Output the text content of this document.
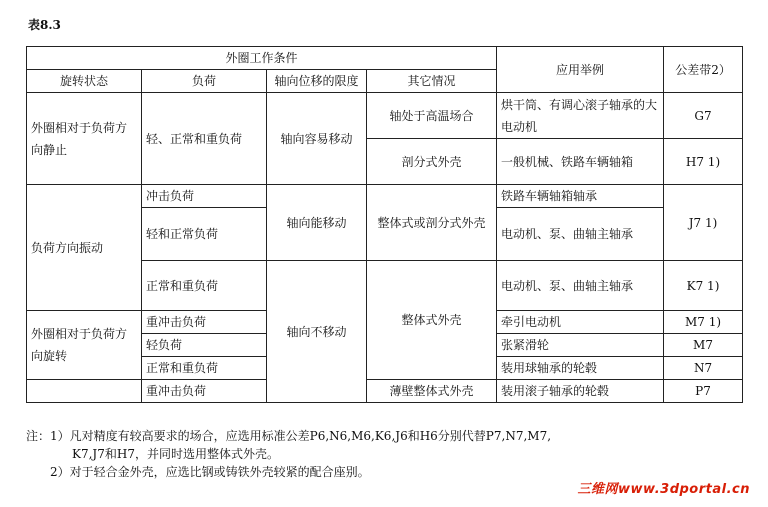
表8.3
外圈工作条件				应用举例	公差带2）
旋转状态	负荷	轴向位移的限度	其它情况		
外圈相对于负荷方向静止	轻、正常和重负荷	轴向容易移动	轴处于高温场合	烘干筒、有调心滚子轴承的大电动机	G7
			剖分式外壳	一般机械、铁路车辆轴箱	H7 1)
负荷方向振动	冲击负荷	轴向能移动	整体式或剖分式外壳	铁路车辆轴箱轴承	J7 1)
	轻和正常负荷			电动机、泵、曲轴主轴承	
	正常和重负荷	轴向不移动	整体式外壳	电动机、泵、曲轴主轴承	K7 1)
外圈相对于负荷方向旋转	重冲击负荷			牵引电动机	M7 1)
	轻负荷			张紧滑轮	M7
	正常和重负荷			装用球轴承的轮毂	N7
	重冲击负荷		薄壁整体式外壳	装用滚子轴承的轮毂	P7

注：1）凡对精度有较高要求的场合，应选用标准公差P6,N6,M6,K6,J6和H6分别代替P7,N7,M7,

K7,J7和H7，并同时选用整体式外壳。

2）对于轻合金外壳，应选比钢或铸铁外壳较紧的配合座别。

三维网www.3dportal.cn
